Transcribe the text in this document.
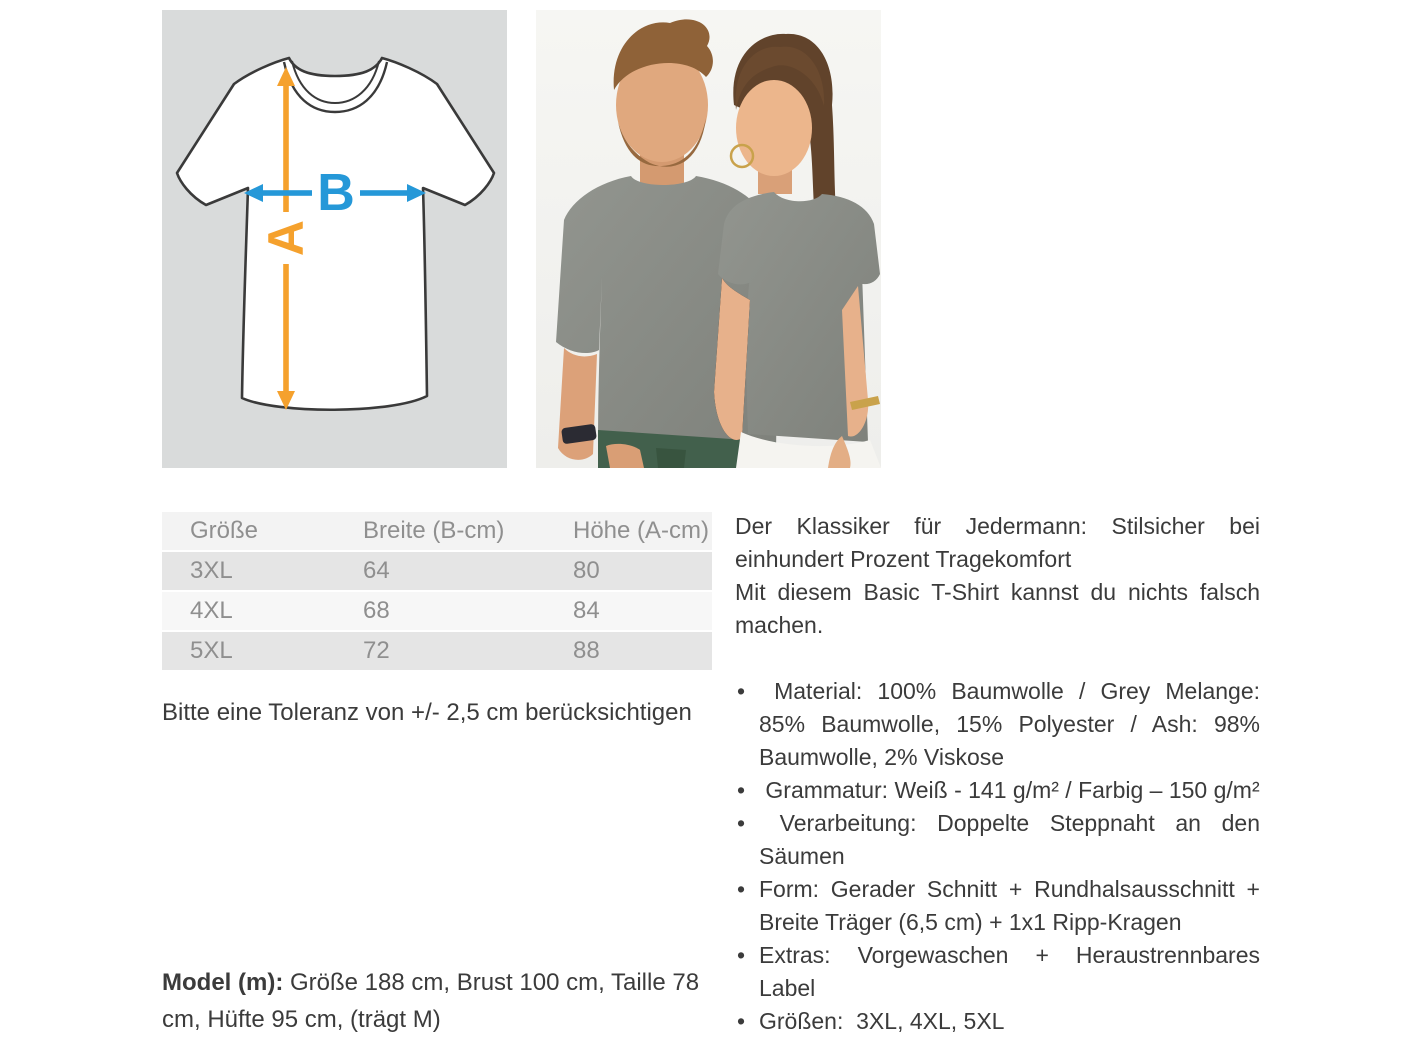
A
B
Größe	Breite (B-cm)	Höhe (A-cm)
3XL	64	80
4XL	68	84
5XL	72	88

Bitte eine Toleranz von +/- 2,5 cm berücksichtigen

Model (m): Größe 188 cm, Brust 100 cm, Taille 78 cm, Hüfte 95 cm, (trägt M)

Der Klassiker für Jedermann: Stilsicher bei einhundert Prozent Tragekomfort

Mit diesem Basic T-Shirt kannst du nichts falsch machen.

•  Material: 100% Baumwolle / Grey Melange: 85% Baumwolle, 15% Polyester / Ash: 98% Baumwolle, 2% Viskose
•  Grammatur: Weiß - 141 g/m² / Farbig – 150 g/m²
•  Verarbeitung: Doppelte Steppnaht an den Säumen
• Form: Gerader Schnitt + Rundhalsausschnitt + Breite Träger (6,5 cm) + 1x1 Ripp-Kragen
• Extras: Vorgewaschen + Heraustrennbares Label
• Größen:  3XL, 4XL, 5XL
